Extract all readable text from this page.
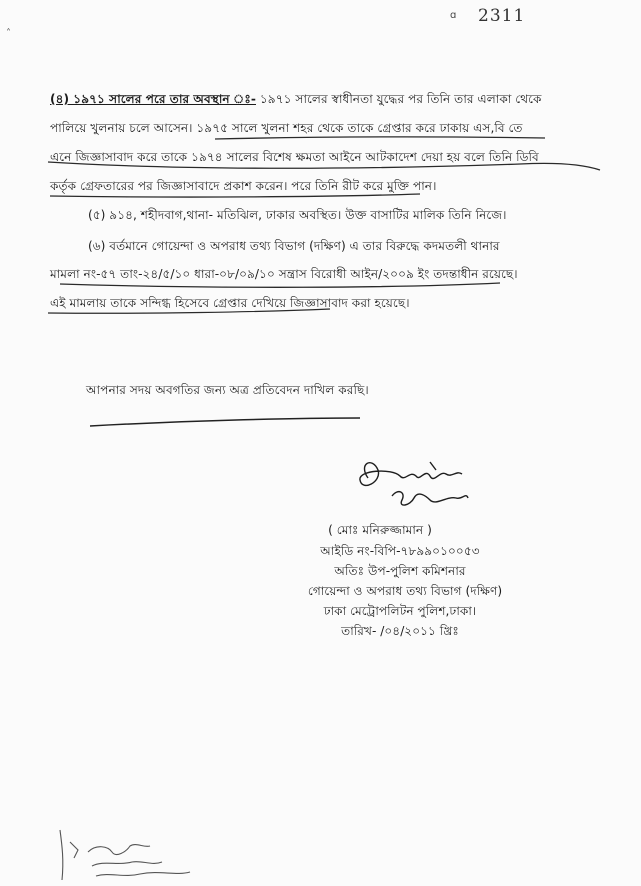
˄
ɑ 2311
(৪) ১৯৭১ সালের পরে তার অবস্থান ঃ- ১৯৭১ সালের স্বাধীনতা যুদ্ধের পর তিনি তার এলাকা থেকে
পালিয়ে খুলনায় চলে আসেন। ১৯৭৫ সালে খুলনা শহর থেকে তাকে গ্রেপ্তার করে ঢাকায় এস,বি তে
এনে জিজ্ঞাসাবাদ করে তাকে ১৯৭৪ সালের বিশেষ ক্ষমতা আইনে আটকাদেশ দেয়া হয় বলে তিনি ডিবি
কর্তৃক গ্রেফতারের পর জিজ্ঞাসাবাদে প্রকাশ করেন। পরে তিনি রীট করে মুক্তি পান।
(৫) ৯১৪, শহীদবাগ,থানা- মতিঝিল, ঢাকার অবস্থিত। উক্ত বাসাটির মালিক তিনি নিজে।
(৬) বর্তমানে গোয়েন্দা ও অপরাধ তথ্য বিভাগ (দক্ষিণ) এ তার বিরুদ্ধে কদমতলী থানার
মামলা নং-৫৭ তাং-২৪/৫/১০ ধারা-০৮/০৯/১০ সন্ত্রাস বিরোধী আইন/২০০৯ ইং তদন্তাধীন রয়েছে।
এই মামলায় তাকে সন্দিগ্ধ হিসেবে গ্রেপ্তার দেখিয়ে জিজ্ঞাসাবাদ করা হয়েছে।
আপনার সদয় অবগতির জন্য অত্র প্রতিবেদন দাখিল করছি।
( মোঃ মনিরুজ্জামান )
আইডি নং-বিপি-৭৮৯৯০১০০৫৩
অতিঃ উপ-পুলিশ কমিশনার
গোয়েন্দা ও অপরাধ তথ্য বিভাগ (দক্ষিণ)
ঢাকা মেট্রোপলিটন পুলিশ,ঢাকা।
তারিখ- /০৪/২০১১ খ্রিঃ
